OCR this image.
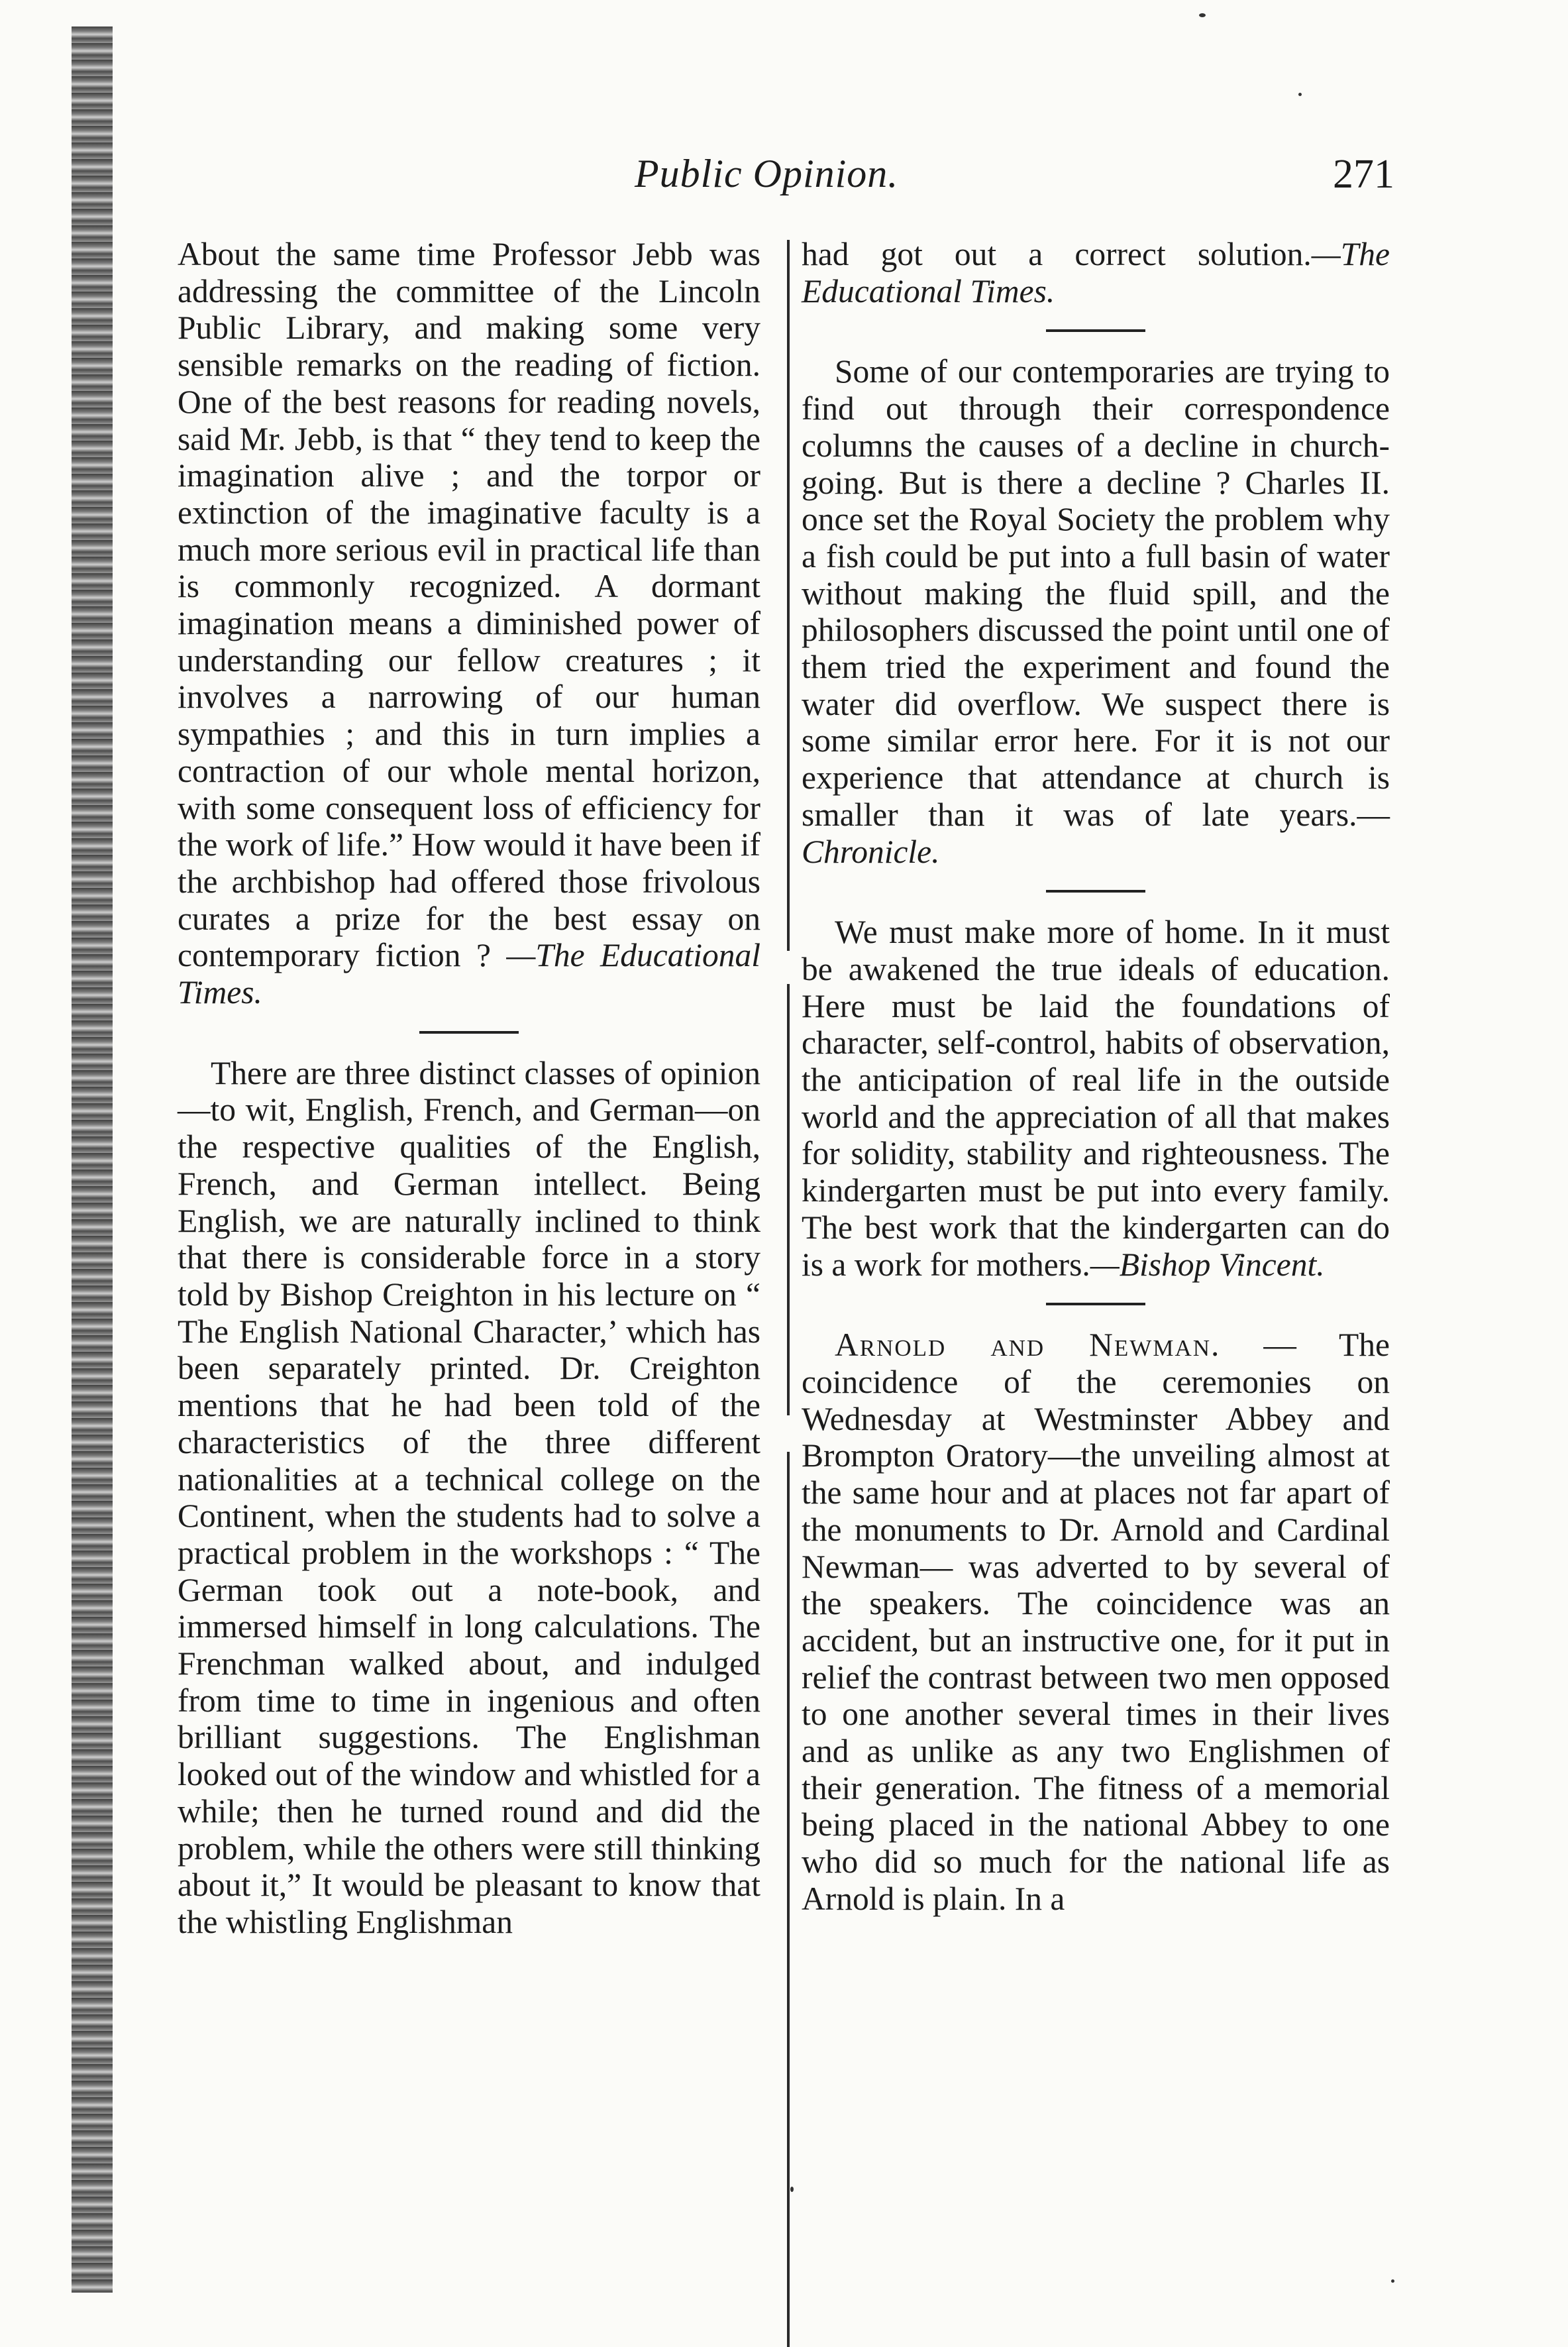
Public Opinion.	271

About the same time Professor Jebb was addressing the committee of the Lincoln Public Library, and making some very sensible remarks on the reading of fiction. One of the best reasons for reading novels, said Mr. Jebb, is that “ they tend to keep the imagination alive ; and the torpor or extinction of the imaginative faculty is a much more serious evil in practical life than is commonly recognized. A dormant imagination means a diminished power of understanding our fellow creatures ; it involves a narrowing of our human sympathies ; and this in turn implies a contraction of our whole mental horizon, with some consequent loss of efficiency for the work of life.” How would it have been if the archbishop had offered those frivolous curates a prize for the best essay on contemporary fiction ? —The Educational Times.

There are three distinct classes of opinion—to wit, English, French, and German—on the respective qualities of the English, French, and German intellect. Being English, we are naturally inclined to think that there is considerable force in a story told by Bishop Creighton in his lecture on “ The English National Character,’ which has been separately printed. Dr. Creighton mentions that he had been told of the characteristics of the three different nationalities at a technical college on the Continent, when the students had to solve a practical problem in the workshops : “ The German took out a note-book, and immersed himself in long calculations. The Frenchman walked about, and indulged from time to time in ingenious and often brilliant suggestions. The Englishman looked out of the window and whistled for a while; then he turned round and did the problem, while the others were still thinking about it,” It would be pleasant to know that the whistling Englishman

had got out a correct solution.—The Educational Times.

Some of our contemporaries are trying to find out through their correspondence columns the causes of a decline in church-going. But is there a decline ? Charles II. once set the Royal Society the problem why a fish could be put into a full basin of water without making the fluid spill, and the philosophers discussed the point until one of them tried the experiment and found the water did overflow. We suspect there is some similar error here. For it is not our experience that attendance at church is smaller than it was of late years.—Chronicle.

We must make more of home. In it must be awakened the true ideals of education. Here must be laid the foundations of character, self-control, habits of observation, the anticipation of real life in the outside world and the appreciation of all that makes for solidity, stability and righteousness. The kindergarten must be put into every family. The best work that the kindergarten can do is a work for mothers.—Bishop Vincent.

Arnold and Newman. — The coincidence of the ceremonies on Wednesday at Westminster Abbey and Brompton Oratory—the unveiling almost at the same hour and at places not far apart of the monuments to Dr. Arnold and Cardinal Newman— was adverted to by several of the speakers. The coincidence was an accident, but an instructive one, for it put in relief the contrast between two men opposed to one another several times in their lives and as unlike as any two Englishmen of their generation. The fitness of a memorial being placed in the national Abbey to one who did so much for the national life as Arnold is plain. In a
